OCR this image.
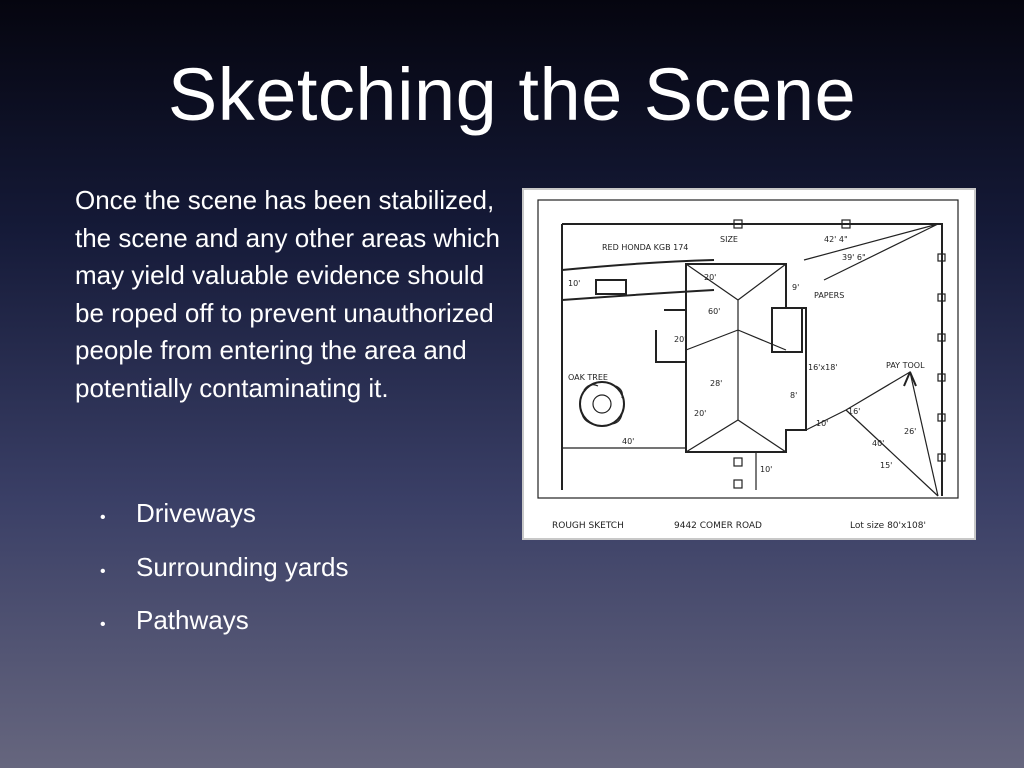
Sketching the Scene

Once the scene has been stabilized, the scene and any other areas which may yield valuable evidence should be roped off to prevent unauthorized people from entering the area and potentially contaminating it.

•	Driveways
•	Surrounding yards
•	Pathways
RED HONDA KGB 174
PAPERS
OAK TREE
PAY TOOL
SIZE	42' 4"
39' 6"
10'
20'
60'
20'
28'
20'
40'	40'
16'
26'
15'
10'
8'
9'
10'
16'x18'
ROUGH SKETCH	9442 COMER ROAD	Lot size 80'x108'
